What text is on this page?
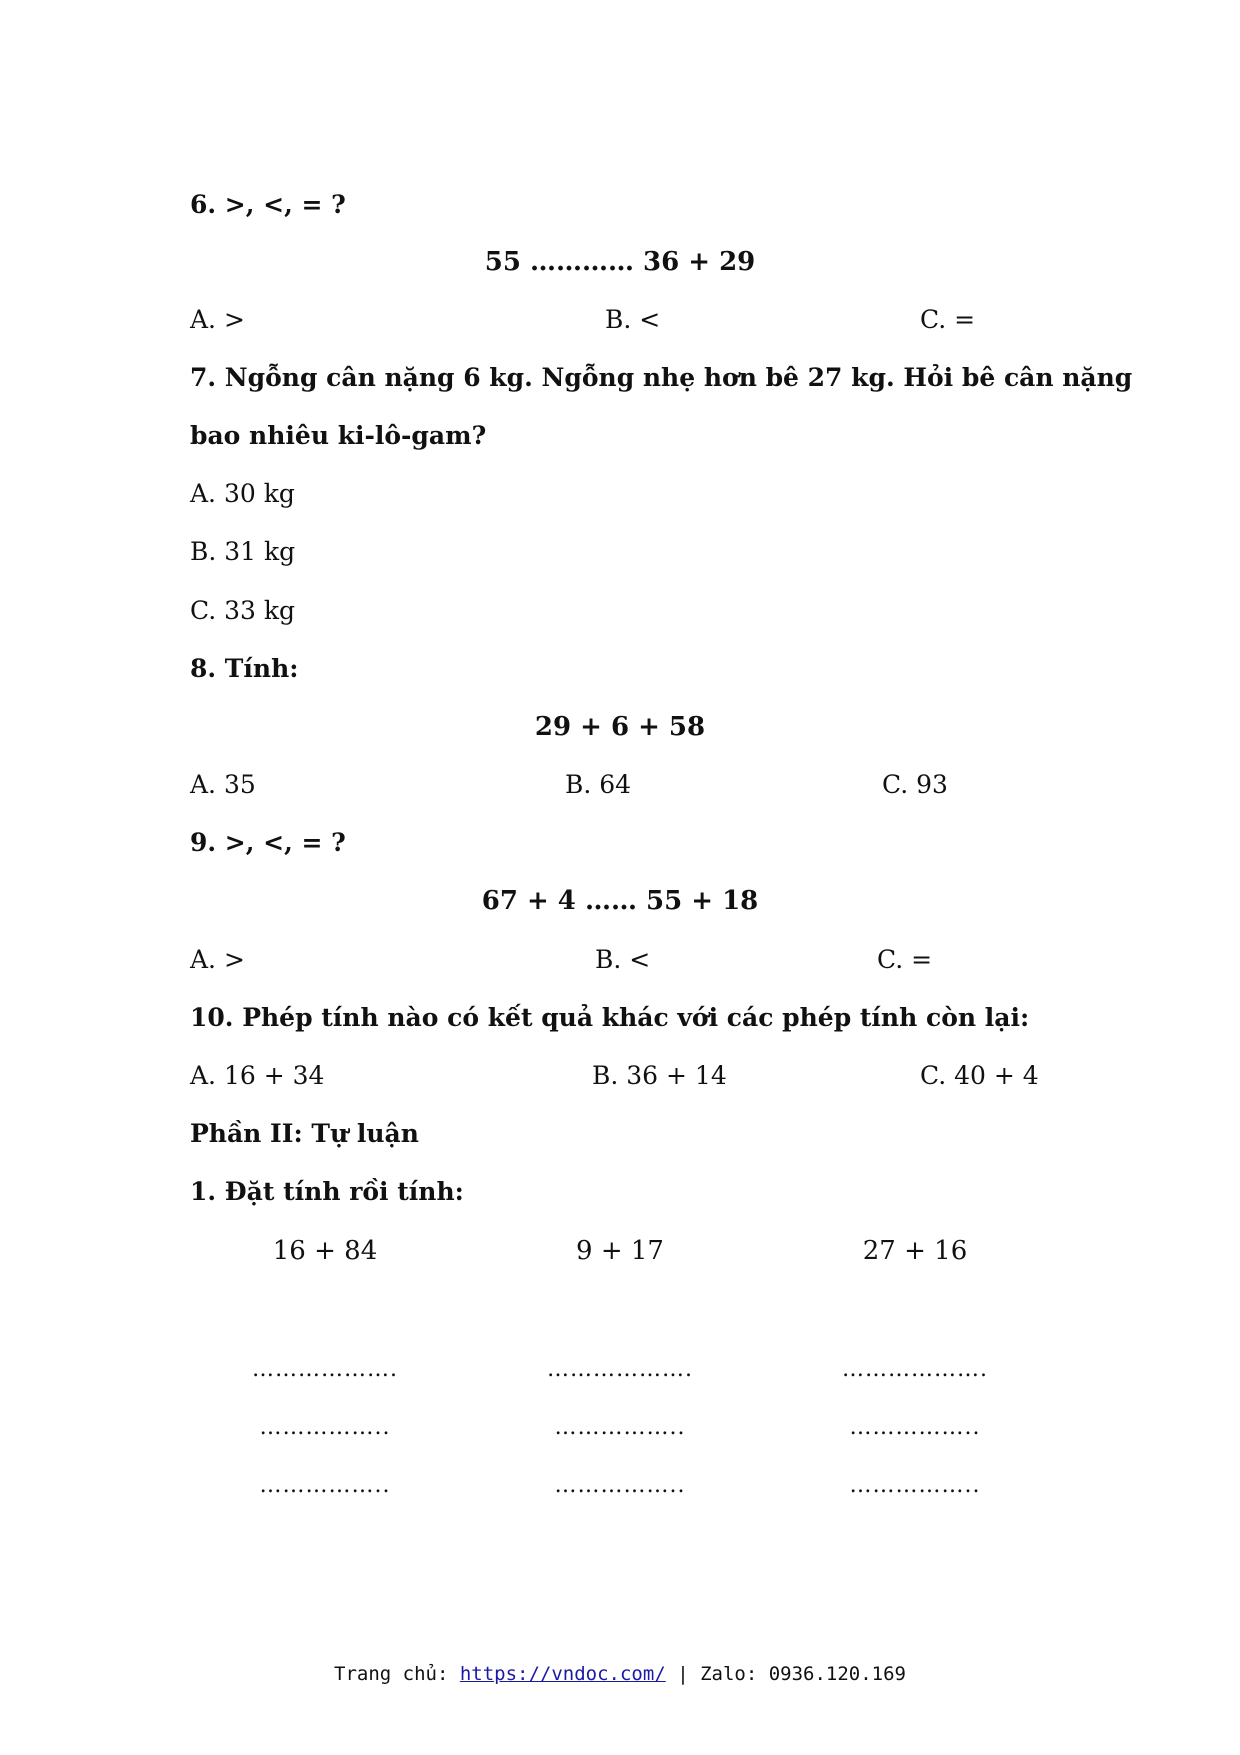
6. >, <, = ?
55 ………… 36 + 29
A. >	B. <	C. =
7. Ngỗng cân nặng 6 kg. Ngỗng nhẹ hơn bê 27 kg. Hỏi bê cân nặng
bao nhiêu ki-lô-gam?
A. 30 kg
B. 31 kg
C. 33 kg
8. Tính:
29 + 6 + 58
A. 35	B. 64	C. 93
9. >, <, = ?
67 + 4 …… 55 + 18
A. >	B. <	C. =
10. Phép tính nào có kết quả khác với các phép tính còn lại:
A. 16 + 34	B. 36 + 14	C. 40 + 4
Phần II: Tự luận
1. Đặt tính rồi tính:
16 + 84	9 + 17	27 + 16
……………….	……………….	……………….
……………..	……………..	……………..
……………..	……………..	……………..
Trang chủ: https://vndoc.com/ | Zalo: 0936.120.169
